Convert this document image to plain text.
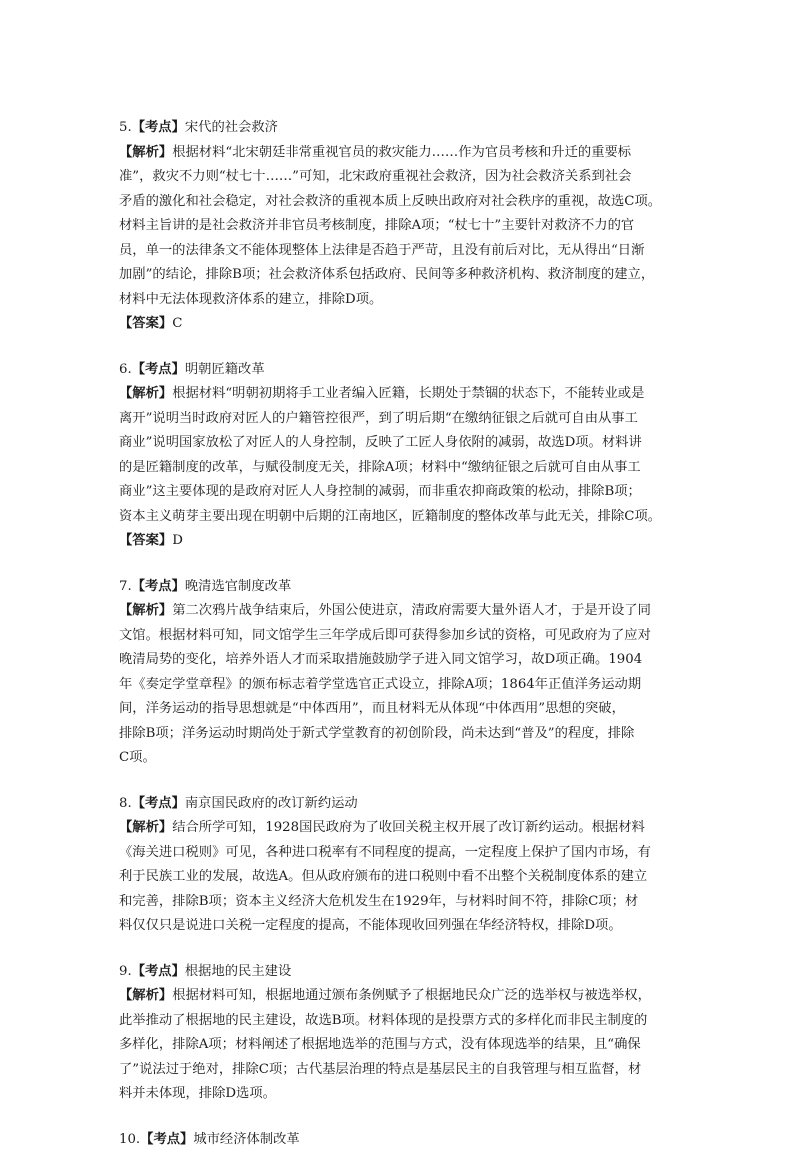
5.【考点】宋代的社会救济
【解析】根据材料“北宋朝廷非常重视官员的救灾能力……作为官员考核和升迁的重要标
准”，救灾不力则“杖七十……”可知，北宋政府重视社会救济，因为社会救济关系到社会
矛盾的激化和社会稳定，对社会救济的重视本质上反映出政府对社会秩序的重视，故选C项。
材料主旨讲的是社会救济并非官员考核制度，排除A项；“杖七十”主要针对救济不力的官
员，单一的法律条文不能体现整体上法律是否趋于严苛，且没有前后对比，无从得出“日渐
加剧”的结论，排除B项；社会救济体系包括政府、民间等多种救济机构、救济制度的建立，
材料中无法体现救济体系的建立，排除D项。
【答案】C
6.【考点】明朝匠籍改革
【解析】根据材料“明朝初期将手工业者编入匠籍，长期处于禁锢的状态下，不能转业或是
离开”说明当时政府对匠人的户籍管控很严，到了明后期“在缴纳征银之后就可自由从事工
商业”说明国家放松了对匠人的人身控制，反映了工匠人身依附的减弱，故选D项。材料讲
的是匠籍制度的改革，与赋役制度无关，排除A项；材料中“缴纳征银之后就可自由从事工
商业”这主要体现的是政府对匠人人身控制的减弱，而非重农抑商政策的松动，排除B项；
资本主义萌芽主要出现在明朝中后期的江南地区，匠籍制度的整体改革与此无关，排除C项。
【答案】D
7.【考点】晚清选官制度改革
【解析】第二次鸦片战争结束后，外国公使进京，清政府需要大量外语人才，于是开设了同
文馆。根据材料可知，同文馆学生三年学成后即可获得参加乡试的资格，可见政府为了应对
晚清局势的变化，培养外语人才而采取措施鼓励学子进入同文馆学习，故D项正确。1904
年《奏定学堂章程》的颁布标志着学堂选官正式设立，排除A项；1864年正值洋务运动期
间，洋务运动的指导思想就是“中体西用”，而且材料无从体现“中体西用”思想的突破，
排除B项；洋务运动时期尚处于新式学堂教育的初创阶段，尚未达到“普及”的程度，排除
C项。
8.【考点】南京国民政府的改订新约运动
【解析】结合所学可知，1928国民政府为了收回关税主权开展了改订新约运动。根据材料
《海关进口税则》可见，各种进口税率有不同程度的提高，一定程度上保护了国内市场，有
利于民族工业的发展，故选A。但从政府颁布的进口税则中看不出整个关税制度体系的建立
和完善，排除B项；资本主义经济大危机发生在1929年，与材料时间不符，排除C项；材
料仅仅只是说进口关税一定程度的提高，不能体现收回列强在华经济特权，排除D项。
9.【考点】根据地的民主建设
【解析】根据材料可知，根据地通过颁布条例赋予了根据地民众广泛的选举权与被选举权，
此举推动了根据地的民主建设，故选B项。材料体现的是投票方式的多样化而非民主制度的
多样化，排除A项；材料阐述了根据地选举的范围与方式，没有体现选举的结果，且“确保
了”说法过于绝对，排除C项；古代基层治理的特点是基层民主的自我管理与相互监督，材
料并未体现，排除D选项。
10.【考点】城市经济体制改革
